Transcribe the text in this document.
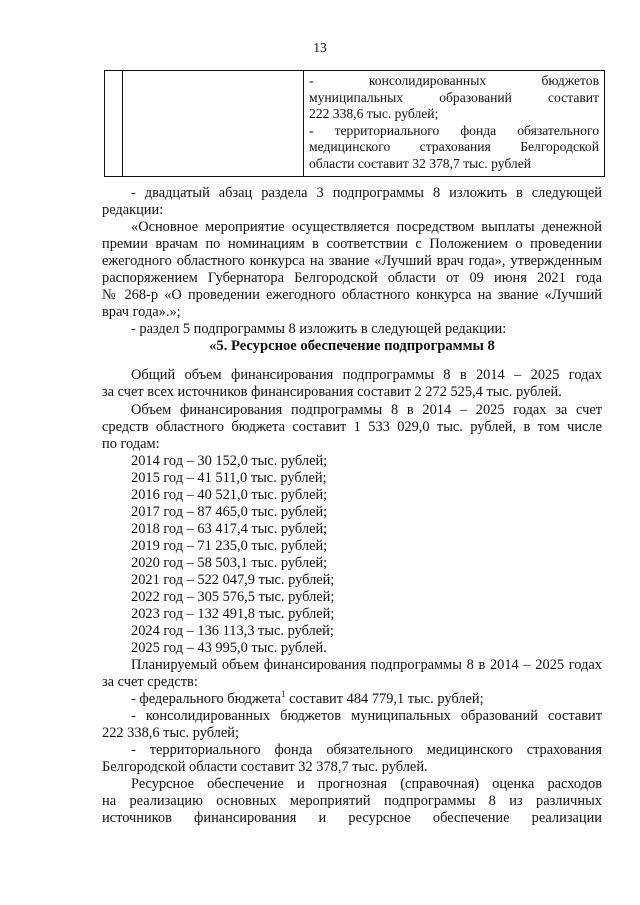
13

- консолидированных бюджетов
муниципальных образований составит
222 338,6 тыс. рублей;
- территориального фонда обязательного
медицинского страхования Белгородской
области составит 32 378,7 тыс. рублей
- двадцатый абзац раздела 3 подпрограммы 8 изложить в следующей
редакции:
«Основное мероприятие осуществляется посредством выплаты денежной
премии врачам по номинациям в соответствии с Положением о проведении
ежегодного областного конкурса на звание «Лучший врач года», утвержденным
распоряжением Губернатора Белгородской области от 09 июня 2021 года
№ 268-р «О проведении ежегодного областного конкурса на звание «Лучший
врач года».»;
- раздел 5 подпрограммы 8 изложить в следующей редакции:
«5. Ресурсное обеспечение подпрограммы 8
Общий объем финансирования подпрограммы 8 в 2014 – 2025 годах
за счет всех источников финансирования составит 2 272 525,4 тыс. рублей.
Объем финансирования подпрограммы 8 в 2014 – 2025 годах за счет
средств областного бюджета составит 1 533 029,0 тыс. рублей, в том числе
по годам:
2014 год – 30 152,0 тыс. рублей;
2015 год – 41 511,0 тыс. рублей;
2016 год – 40 521,0 тыс. рублей;
2017 год – 87 465,0 тыс. рублей;
2018 год – 63 417,4 тыс. рублей;
2019 год – 71 235,0 тыс. рублей;
2020 год – 58 503,1 тыс. рублей;
2021 год – 522 047,9 тыс. рублей;
2022 год – 305 576,5 тыс. рублей;
2023 год – 132 491,8 тыс. рублей;
2024 год – 136 113,3 тыс. рублей;
2025 год – 43 995,0 тыс. рублей.
Планируемый объем финансирования подпрограммы 8 в 2014 – 2025 годах
за счет средств:
- федерального бюджета$^1$ составит 484 779,1 тыс. рублей;
- консолидированных бюджетов муниципальных образований составит
222 338,6 тыс. рублей;
- территориального фонда обязательного медицинского страхования
Белгородской области составит 32 378,7 тыс. рублей.
Ресурсное обеспечение и прогнозная (справочная) оценка расходов
на реализацию основных мероприятий подпрограммы 8 из различных
источников финансирования и ресурсное обеспечение реализации
